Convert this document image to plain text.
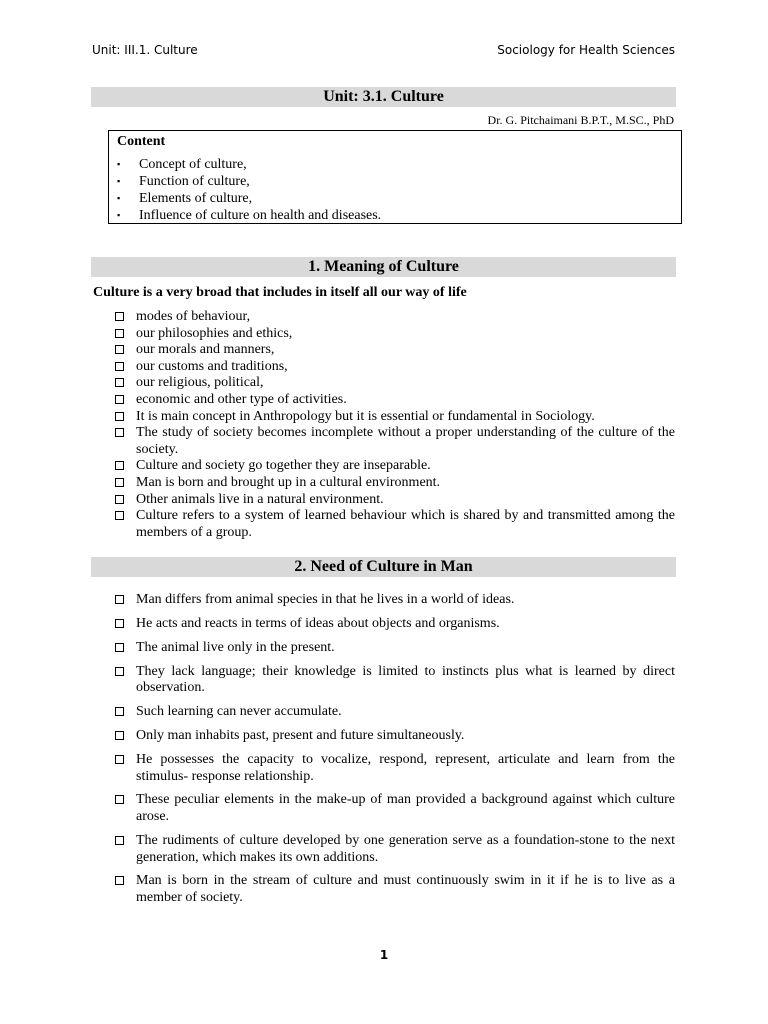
Unit: III.1. Culture	Sociology for Health Sciences
Unit: 3.1. Culture
Dr. G. Pitchaimani B.P.T., M.SC., PhD
Content
▪	Concept of culture,
▪	Function of culture,
▪	Elements of culture,
▪	Influence of culture on health and diseases.
1. Meaning of Culture
Culture is a very broad that includes in itself all our way of life
modes of behaviour,
our philosophies and ethics,
our morals and manners,
our customs and traditions,
our religious, political,
economic and other type of activities.
It is main concept in Anthropology but it is essential or fundamental in Sociology.
The study of society becomes incomplete without a proper understanding of the culture of the society.
Culture and society go together they are inseparable.
Man is born and brought up in a cultural environment.
Other animals live in a natural environment.
Culture refers to a system of learned behaviour which is shared by and transmitted among the members of a group.
2. Need of Culture in Man
Man differs from animal species in that he lives in a world of ideas.
He acts and reacts in terms of ideas about objects and organisms.
The animal live only in the present.
They lack language; their knowledge is limited to instincts plus what is learned by direct observation.
Such learning can never accumulate.
Only man inhabits past, present and future simultaneously.
He possesses the capacity to vocalize, respond, represent, articulate and learn from the stimulus- response relationship.
These peculiar elements in the make-up of man provided a background against which culture arose.
The rudiments of culture developed by one generation serve as a foundation-stone to the next generation, which makes its own additions.
Man is born in the stream of culture and must continuously swim in it if he is to live as a member of society.
1
